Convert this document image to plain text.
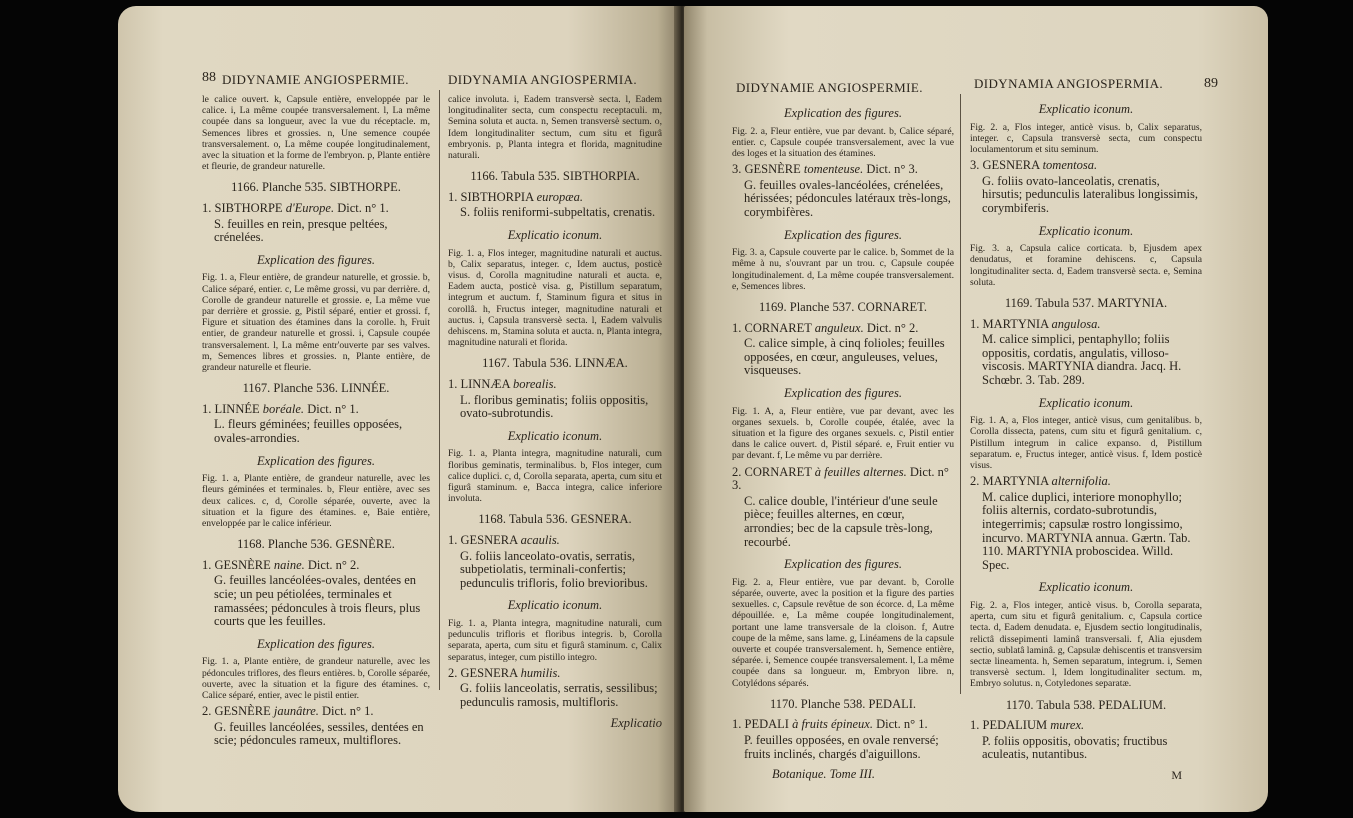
88 DIDYNAMIE ANGIOSPERMIE.	DIDYNAMIA ANGIOSPERMIA.

le calice ouvert. k, Capsule entière, enveloppée par le calice. i, La même coupée transversalement. l, La même coupée dans sa longueur, avec la vue du réceptacle. m, Semences libres et grossies. n, Une semence coupée transversalement. o, La même coupée longitudinalement, avec la situation et la forme de l'embryon. p, Plante entière et fleurie, de grandeur naturelle.

1166. Planche 535. SIBTHORPE.
1. SIBTHORPE d'Europe. Dict. n° 1.
S. feuilles en rein, presque peltées, crénelées.
Explication des figures.

Fig. 1. a, Fleur entière, de grandeur naturelle, et grossie. b, Calice séparé, entier. c, Le même grossi, vu par derrière. d, Corolle de grandeur naturelle et grossie. e, La même vue par derrière et grossie. g, Pistil séparé, entier et grossi. f, Figure et situation des étamines dans la corolle. h, Fruit entier, de grandeur naturelle et grossi. i, Capsule coupée transversalement. l, La même entr'ouverte par ses valves. m, Semences libres et grossies. n, Plante entière, de grandeur naturelle et fleurie.

1167. Planche 536. LINNÉE.
1. LINNÉE boréale. Dict. n° 1.
L. fleurs géminées; feuilles opposées, ovales-arrondies.
Explication des figures.

Fig. 1. a, Plante entière, de grandeur naturelle, avec les fleurs géminées et terminales. b, Fleur entière, avec ses deux calices. c, d, Corolle séparée, ouverte, avec la situation et la figure des étamines. e, Baie entière, enveloppée par le calice inférieur.

1168. Planche 536. GESNÈRE.
1. GESNÈRE naine. Dict. n° 2.
G. feuilles lancéolées-ovales, dentées en scie; un peu pétiolées, terminales et ramassées; pédoncules à trois fleurs, plus courts que les feuilles.
Explication des figures.

Fig. 1. a, Plante entière, de grandeur naturelle, avec les pédoncules triflores, des fleurs entières. b, Corolle séparée, ouverte, avec la situation et la figure des étamines. c, Calice séparé, entier, avec le pistil entier.

2. GESNÈRE jaunâtre. Dict. n° 1.
G. feuilles lancéolées, sessiles, dentées en scie; pédoncules rameux, multiflores.

calice involuta. i, Eadem transversè secta. l, Eadem longitudinaliter secta, cum conspectu receptaculi. m, Semina soluta et aucta. n, Semen transversè sectum. o, Idem longitudinaliter sectum, cum situ et figurâ embryonis. p, Planta integra et florida, magnitudine naturali.

1166. Tabula 535. SIBTHORPIA.
1. SIBTHORPIA europæa.
S. foliis reniformi-subpeltatis, crenatis.
Explicatio iconum.

Fig. 1. a, Flos integer, magnitudine naturali et auctus. b, Calix separatus, integer. c, Idem auctus, posticè visus. d, Corolla magnitudine naturali et aucta. e, Eadem aucta, posticè visa. g, Pistillum separatum, integrum et auctum. f, Staminum figura et situs in corollâ. h, Fructus integer, magnitudine naturali et auctus. i, Capsula transversè secta. l, Eadem valvulis dehiscens. m, Stamina soluta et aucta. n, Planta integra, magnitudine naturali et florida.

1167. Tabula 536. LINNÆA.
1. LINNÆA borealis.
L. floribus geminatis; foliis oppositis, ovato-subrotundis.
Explicatio iconum.

Fig. 1. a, Planta integra, magnitudine naturali, cum floribus geminatis, terminalibus. b, Flos integer, cum calice duplici. c, d, Corolla separata, aperta, cum situ et figurâ staminum. e, Bacca integra, calice inferiore involuta.

1168. Tabula 536. GESNERA.
1. GESNERA acaulis.
G. foliis lanceolato-ovatis, serratis, subpetiolatis, terminali-confertis; pedunculis trifloris, folio brevioribus.
Explicatio iconum.

Fig. 1. a, Planta integra, magnitudine naturali, cum pedunculis trifloris et floribus integris. b, Corolla separata, aperta, cum situ et figurâ staminum. c, Calix separatus, integer, cum pistillo integro.

2. GESNERA humilis.
G. foliis lanceolatis, serratis, sessilibus; pedunculis ramosis, multifloris.
Explicatio
DIDYNAMIE ANGIOSPERMIE.	DIDYNAMIA ANGIOSPERMIA.	89
Explication des figures.

Fig. 2. a, Fleur entière, vue par devant. b, Calice séparé, entier. c, Capsule coupée transversalement, avec la vue des loges et la situation des étamines.

3. GESNÈRE tomenteuse. Dict. n° 3.
G. feuilles ovales-lancéolées, crénelées, hérissées; pédoncules latéraux très-longs, corymbifères.
Explication des figures.

Fig. 3. a, Capsule couverte par le calice. b, Sommet de la même à nu, s'ouvrant par un trou. c, Capsule coupée longitudinalement. d, La même coupée transversalement. e, Semences libres.

1169. Planche 537. CORNARET.
1. CORNARET anguleux. Dict. n° 2.
C. calice simple, à cinq folioles; feuilles opposées, en cœur, anguleuses, velues, visqueuses.
Explication des figures.

Fig. 1. A, a, Fleur entière, vue par devant, avec les organes sexuels. b, Corolle coupée, étalée, avec la situation et la figure des organes sexuels. c, Pistil entier dans le calice ouvert. d, Pistil séparé. e, Fruit entier vu par devant. f, Le même vu par derrière.

2. CORNARET à feuilles alternes. Dict. n° 3.
C. calice double, l'intérieur d'une seule pièce; feuilles alternes, en cœur, arrondies; bec de la capsule très-long, recourbé.
Explication des figures.

Fig. 2. a, Fleur entière, vue par devant. b, Corolle séparée, ouverte, avec la position et la figure des parties sexuelles. c, Capsule revêtue de son écorce. d, La même dépouillée. e, La même coupée longitudinalement, portant une lame transversale de la cloison. f, Autre coupe de la même, sans lame. g, Linéamens de la capsule ouverte et coupée transversalement. h, Semence entière, séparée. i, Semence coupée transversalement. l, La même coupée dans sa longueur. m, Embryon libre. n, Cotylédons séparés.

1170. Planche 538. PEDALI.
1. PEDALI à fruits épineux. Dict. n° 1.
P. feuilles opposées, en ovale renversé; fruits inclinés, chargés d'aiguillons.
Botanique. Tome III.
Explicatio iconum.

Fig. 2. a, Flos integer, anticè visus. b, Calix separatus, integer. c, Capsula transversè secta, cum conspectu loculamentorum et situ seminum.

3. GESNERA tomentosa.
G. foliis ovato-lanceolatis, crenatis, hirsutis; pedunculis lateralibus longissimis, corymbiferis.
Explicatio iconum.

Fig. 3. a, Capsula calice corticata. b, Ejusdem apex denudatus, et foramine dehiscens. c, Capsula longitudinaliter secta. d, Eadem transversè secta. e, Semina soluta.

1169. Tabula 537. MARTYNIA.
1. MARTYNIA angulosa.
M. calice simplici, pentaphyllo; foliis oppositis, cordatis, angulatis, villoso-viscosis. MARTYNIA diandra. Jacq. H. Schœbr. 3. Tab. 289.
Explicatio iconum.

Fig. 1. A, a, Flos integer, anticè visus, cum genitalibus. b, Corolla dissecta, patens, cum situ et figurâ genitalium. c, Pistillum integrum in calice expanso. d, Pistillum separatum. e, Fructus integer, anticè visus. f, Idem posticè visus.

2. MARTYNIA alternifolia.
M. calice duplici, interiore monophyllo; foliis alternis, cordato-subrotundis, integerrimis; capsulæ rostro longissimo, incurvo. MARTYNIA annua. Gærtn. Tab. 110. MARTYNIA proboscidea. Willd. Spec.
Explicatio iconum.

Fig. 2. a, Flos integer, anticè visus. b, Corolla separata, aperta, cum situ et figurâ genitalium. c, Capsula cortice tecta. d, Eadem denudata. e, Ejusdem sectio longitudinalis, relictâ dissepimenti laminâ transversali. f, Alia ejusdem sectio, sublatâ laminâ. g, Capsulæ dehiscentis et transversim sectæ lineamenta. h, Semen separatum, integrum. i, Semen transversè sectum. l, Idem longitudinaliter sectum. m, Embryo solutus. n, Cotyledones separatæ.

1170. Tabula 538. PEDALIUM.
1. PEDALIUM murex.
P. foliis oppositis, obovatis; fructibus aculeatis, nutantibus.
M
